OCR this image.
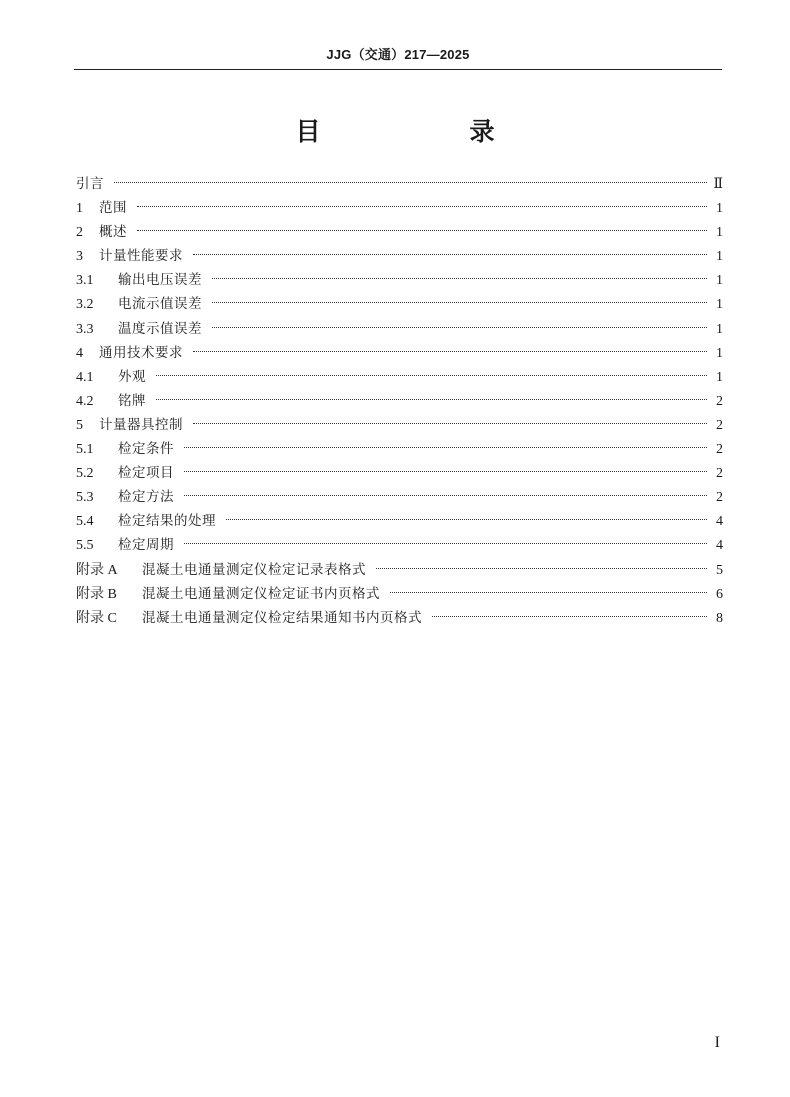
JJG（交通）217—2025
目　录
引言	Ⅱ
1	范围	1
2	概述	1
3	计量性能要求	1
3.1	输出电压误差	1
3.2	电流示值误差	1
3.3	温度示值误差	1
4	通用技术要求	1
4.1	外观	1
4.2	铭牌	2
5	计量器具控制	2
5.1	检定条件	2
5.2	检定项目	2
5.3	检定方法	2
5.4	检定结果的处理	4
5.5	检定周期	4
附录 A	混凝土电通量测定仪检定记录表格式	5
附录 B	混凝土电通量测定仪检定证书内页格式	6
附录 C	混凝土电通量测定仪检定结果通知书内页格式	8
I
